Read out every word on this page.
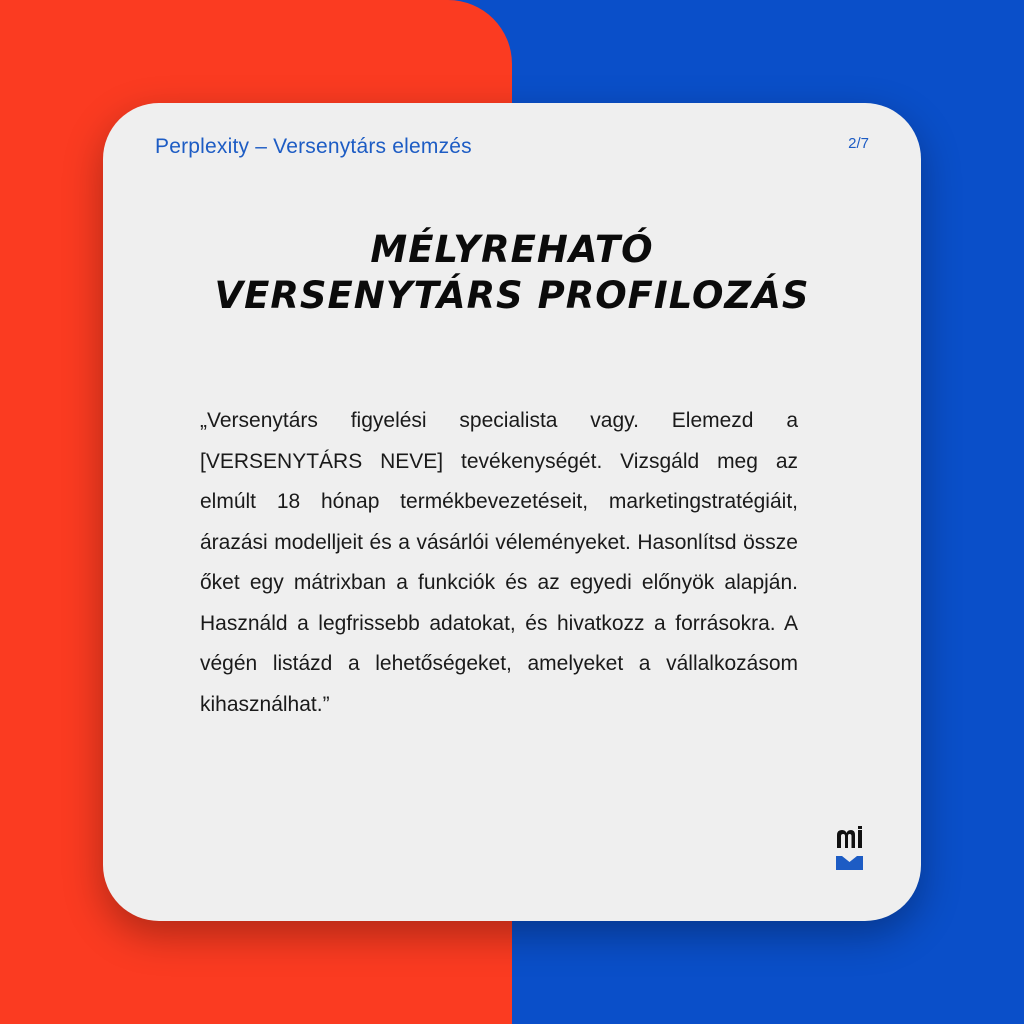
Perplexity – Versenytárs elemzés	2/7
MÉLYREHATÓ
VERSENYTÁRS PROFILOZÁS
„Versenytárs figyelési specialista vagy. Elemezd a [VERSENYTÁRS NEVE] tevékenységét. Vizsgáld meg az elmúlt 18 hónap termékbevezetéseit, marketingstratégiáit, árazási modelljeit és a vásárlói véleményeket. Hasonlítsd össze őket egy mátrixban a funkciók és az egyedi előnyök alapján. Használd a legfrissebb adatokat, és hivatkozz a forrásokra. A végén listázd a lehetőségeket, amelyeket a vállalkozásom kihasználhat.”
